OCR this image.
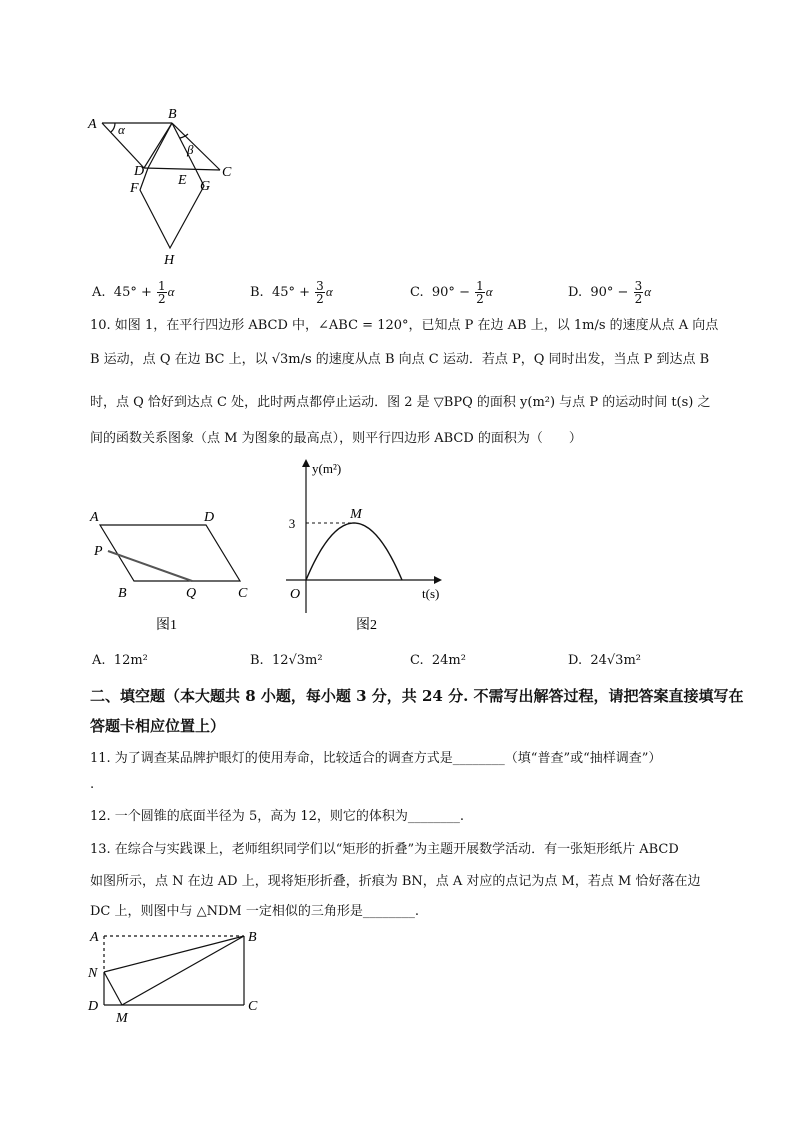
A
B
C
D
E
F	G
H
α
β
A. $45^\circ + \frac{1}{2}$ α	B. $45^\circ + \frac{3}{2}$ α	C. $90^\circ - \frac{1}{2}$ α	D. $90^\circ - \frac{3}{2}$ α
10. 如图 1，在平行四边形 ABCD 中，∠ABC = 120°，已知点 P 在边 AB 上，以 1m/s 的速度从点 A 向点
B 运动，点 Q 在边 BC 上，以 √3m/s 的速度从点 B 向点 C 运动．若点 P，Q 同时出发，当点 P 到达点 B
时，点 Q 恰好到达点 C 处，此时两点都停止运动．图 2 是 ▽BPQ 的面积 y(m²) 与点 P 的运动时间 t(s) 之
间的函数关系图象（点 M 为图象的最高点），则平行四边形 ABCD 的面积为（　　）
A	D
P
B	Q	C
图1
3
M
y(m²)
t(s)
O
图2
A. 12m²	B. 12√3m²	C. 24m²	D. 24√3m²
二、填空题（本大题共 8 小题，每小题 3 分，共 24 分. 不需写出解答过程，请把答案直接填写在
答题卡相应位置上）
11. 为了调查某品牌护眼灯的使用寿命，比较适合的调查方式是________（填“普查”或“抽样调查”）
.
12. 一个圆锥的底面半径为 5，高为 12，则它的体积为________.
13. 在综合与实践课上，老师组织同学们以“矩形的折叠”为主题开展数学活动．有一张矩形纸片 ABCD
如图所示，点 N 在边 AD 上，现将矩形折叠，折痕为 BN，点 A 对应的点记为点 M，若点 M 恰好落在边
DC 上，则图中与 △NDM 一定相似的三角形是________.
A	B
N
D
M
C
